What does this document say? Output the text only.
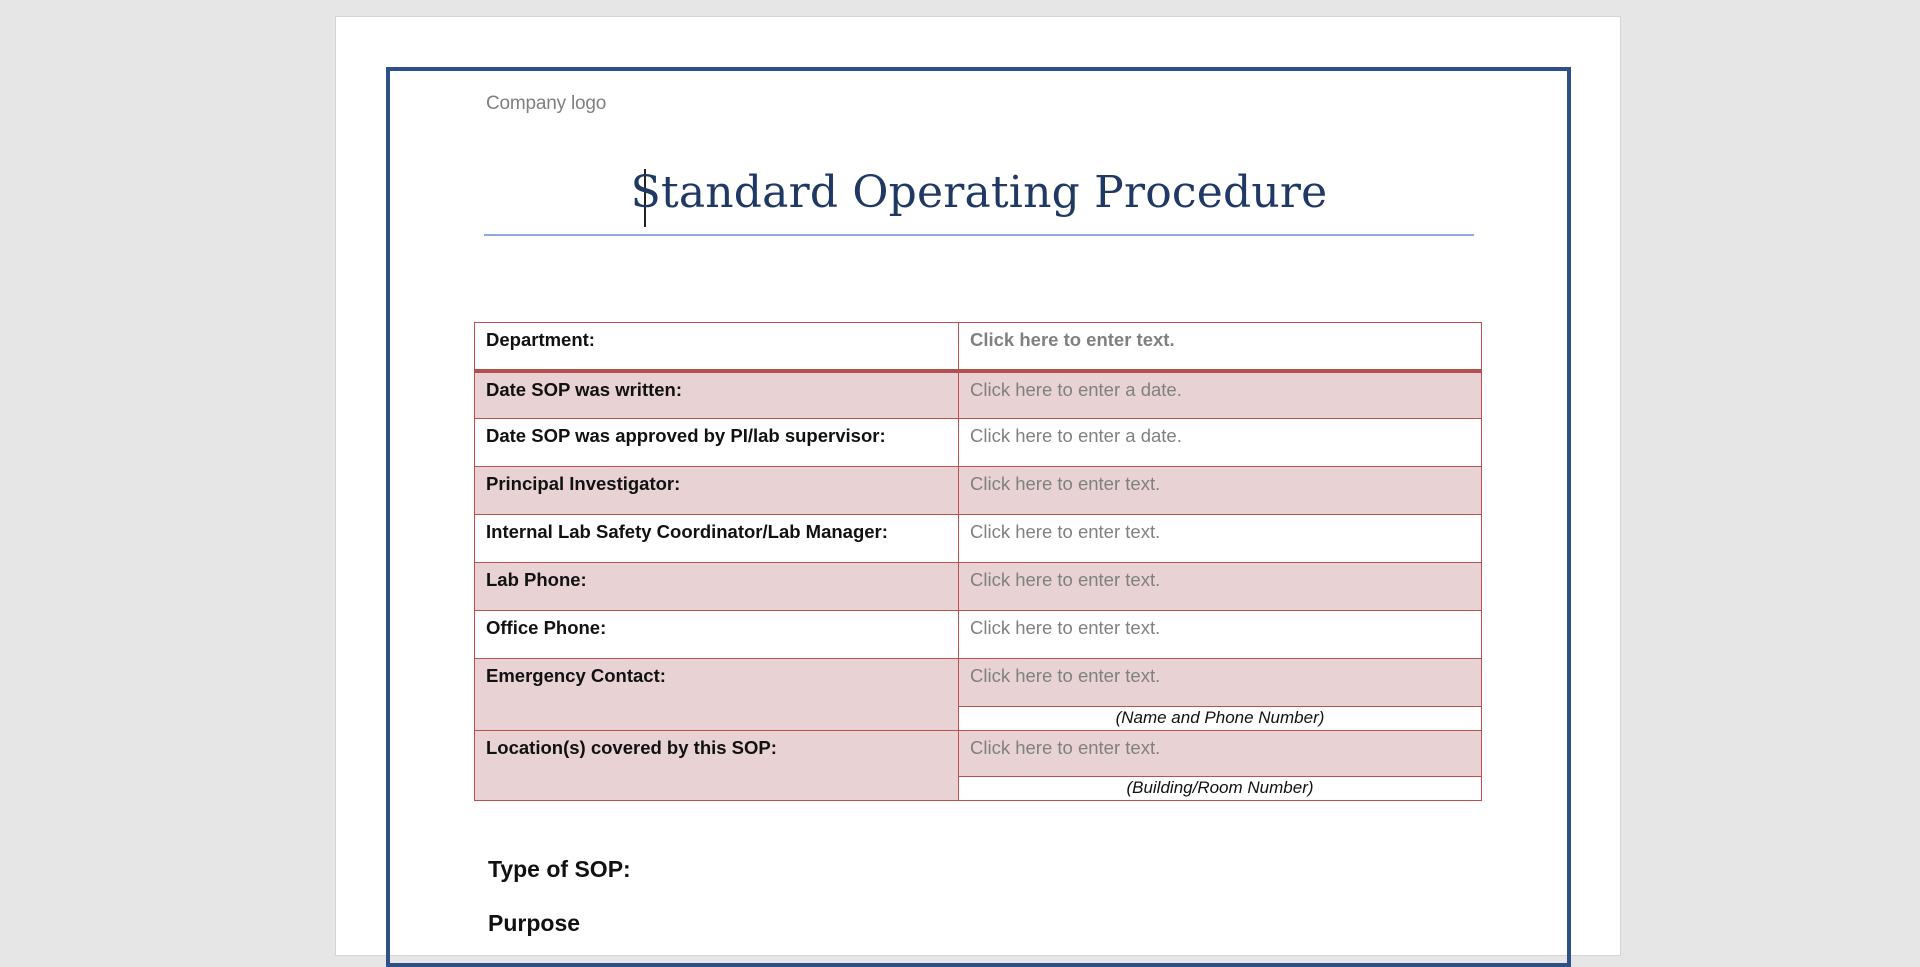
Company logo
Standard Operating Procedure
Department:	Click here to enter text.
Date SOP was written:	Click here to enter a date.
Date SOP was approved by PI/lab supervisor:	Click here to enter a date.
Principal Investigator:	Click here to enter text.
Internal Lab Safety Coordinator/Lab Manager:	Click here to enter text.
Lab Phone:	Click here to enter text.
Office Phone:	Click here to enter text.
Emergency Contact:	Click here to enter text.
	(Name and Phone Number)
Location(s) covered by this SOP:	Click here to enter text.
	(Building/Room Number)
Type of SOP:
Purpose
